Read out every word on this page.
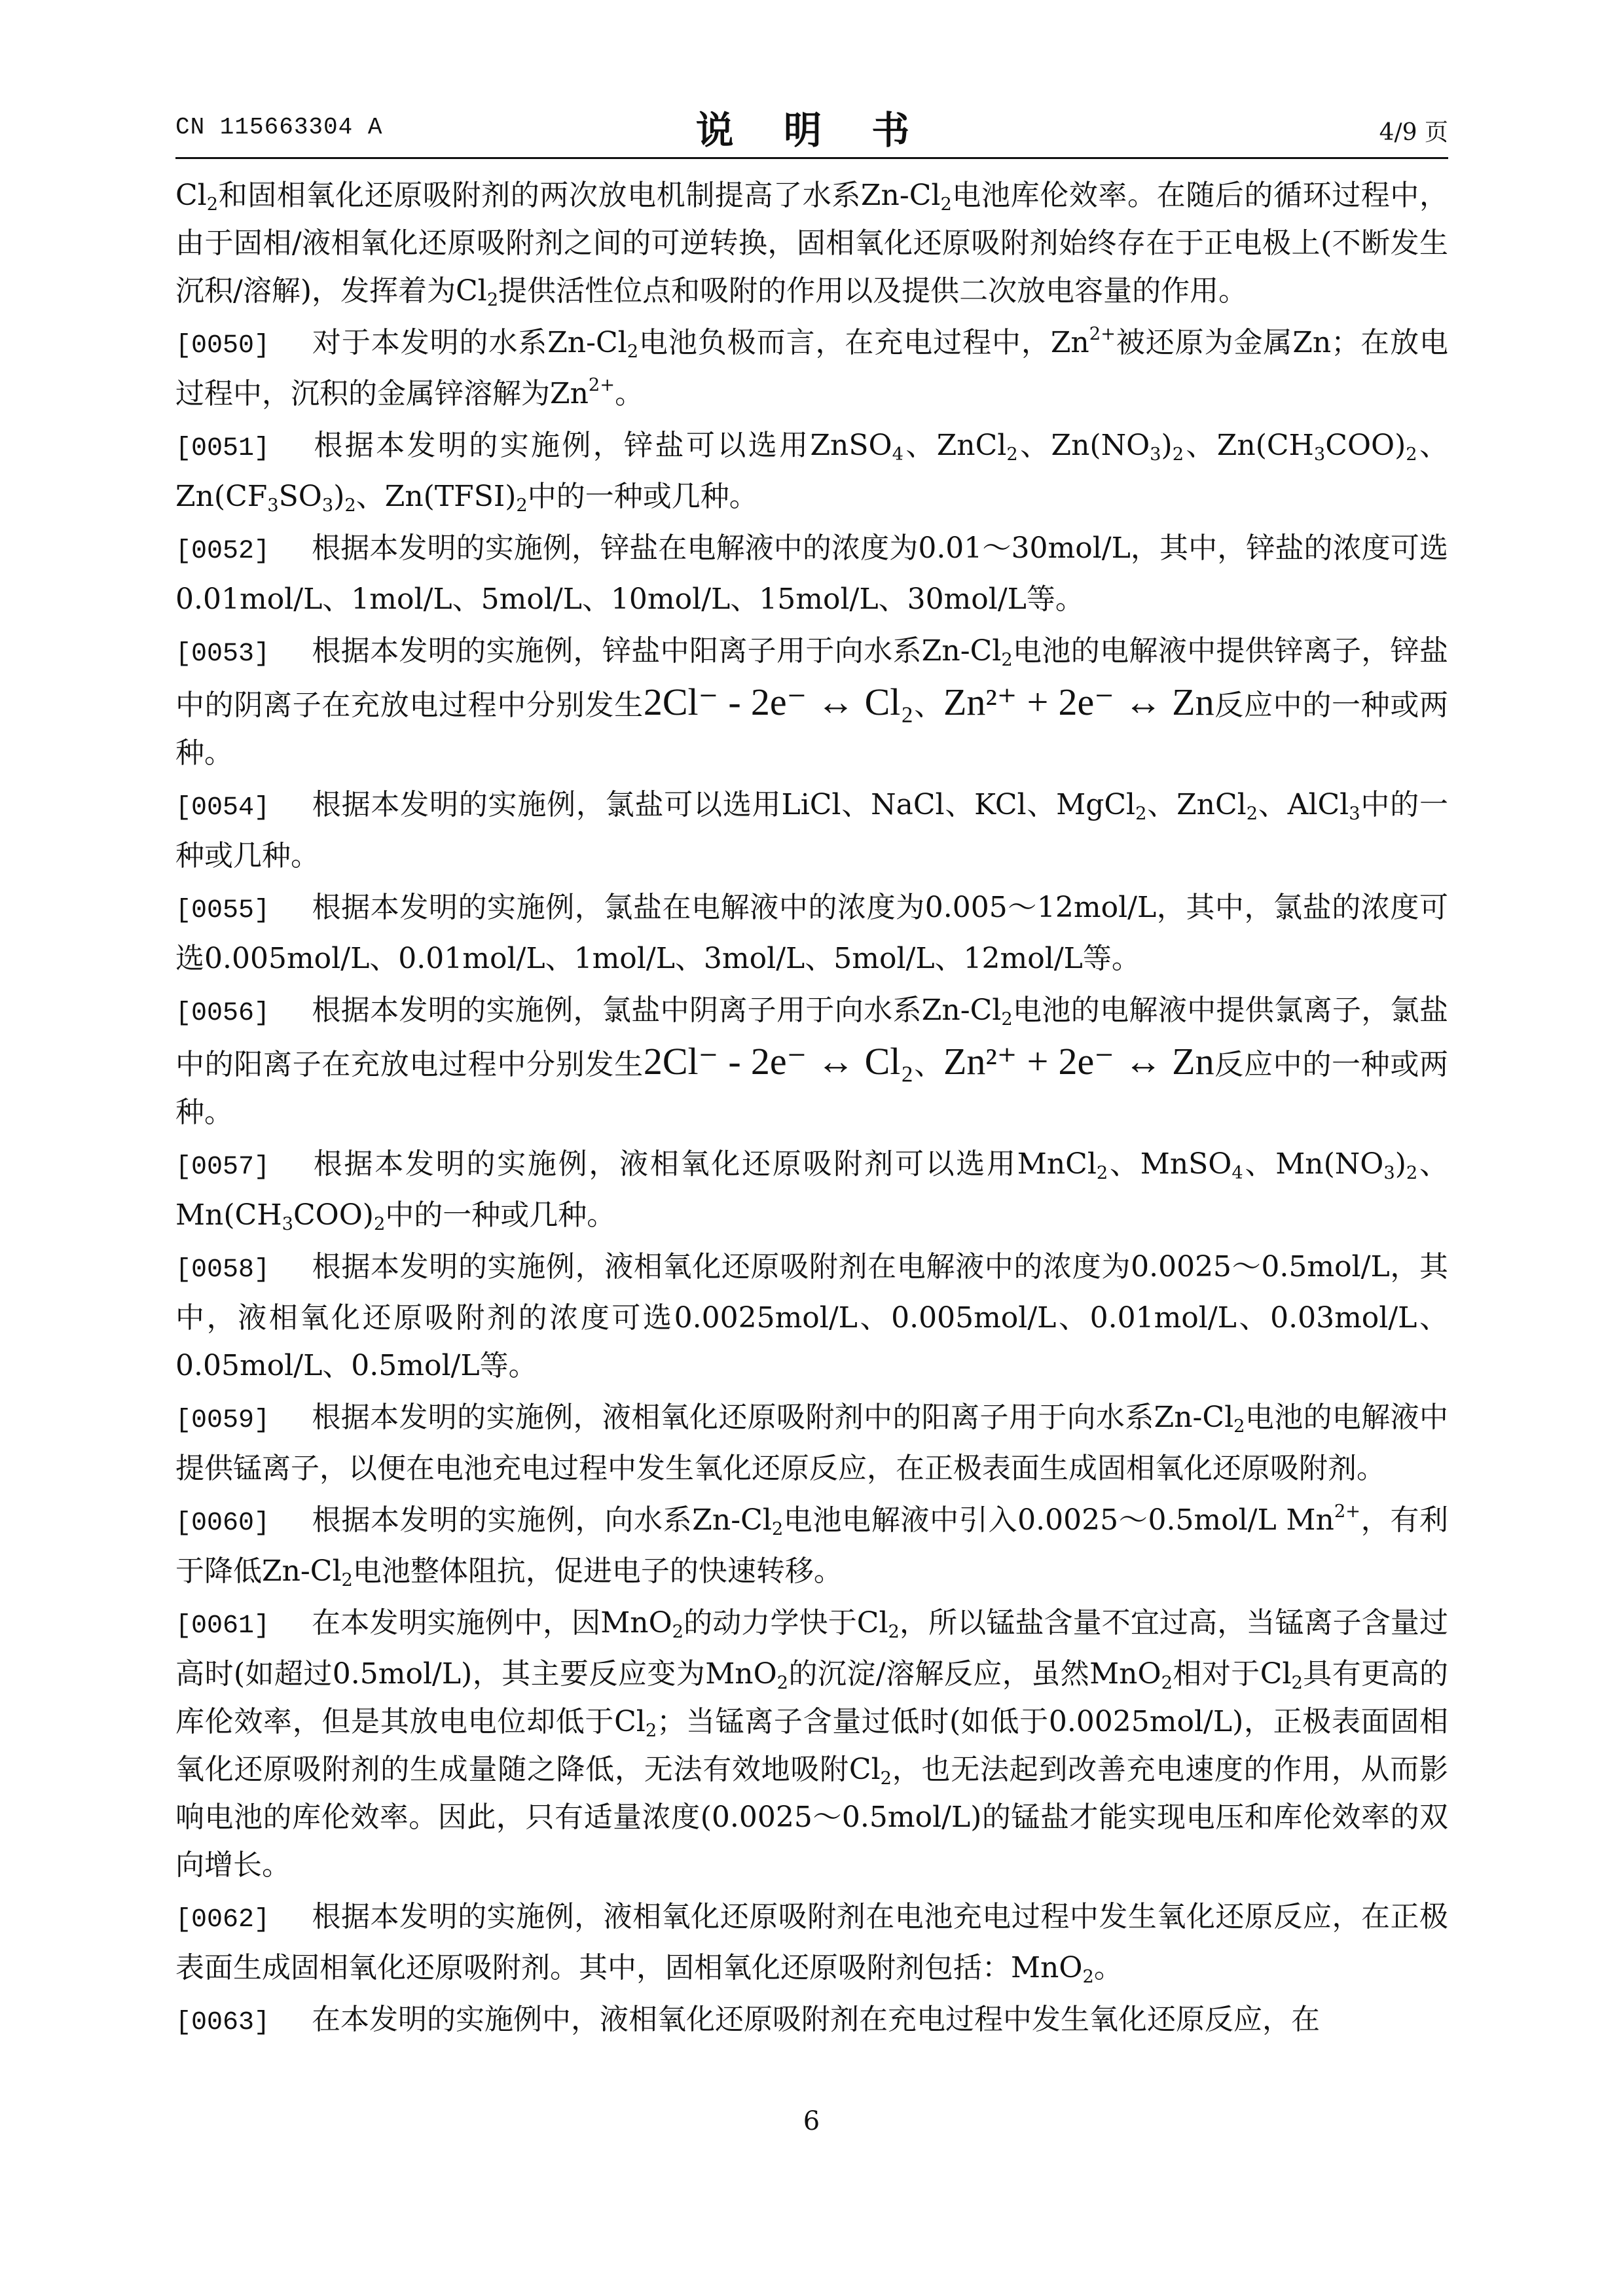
CN 115663304 A	说 明 书	4/9 页

$Cl_2$和固相氧化还原吸附剂的两次放电机制提高了水系$Zn-Cl_2$电池库伦效率。在随后的循环过程中，由于固相/液相氧化还原吸附剂之间的可逆转换，固相氧化还原吸附剂始终存在于正电极上(不断发生沉积/溶解)，发挥着为$Cl_2$提供活性位点和吸附的作用以及提供二次放电容量的作用。

[0050] 对于本发明的水系$Zn-Cl_2$电池负极而言，在充电过程中，$Zn^{2+}$被还原为金属Zn；在放电过程中，沉积的金属锌溶解为$Zn^{2+}$。

[0051] 根据本发明的实施例，锌盐可以选用ZnSO$_4$、ZnCl$_2$、$Zn(NO_3)_2$、$Zn(CH_3COO)_2$、$Zn(CF_3SO_3)_2$、$Zn(TFSI)_2$中的一种或几种。

[0052] 根据本发明的实施例，锌盐在电解液中的浓度为0.01～30mol/L，其中，锌盐的浓度可选0.01mol/L、1mol/L、5mol/L、10mol/L、15mol/L、30mol/L等。

[0053] 根据本发明的实施例，锌盐中阳离子用于向水系$Zn-Cl_2$电池的电解液中提供锌离子，锌盐中的阴离子在充放电过程中分别发生2Cl⁻ - 2e⁻ ↔ Cl₂、Zn²⁺ + 2e⁻ ↔ Zn反应中的一种或两种。

[0054] 根据本发明的实施例，氯盐可以选用LiCl、NaCl、KCl、MgCl$_2$、ZnCl$_2$、AlCl$_3$中的一种或几种。

[0055] 根据本发明的实施例，氯盐在电解液中的浓度为0.005～12mol/L，其中，氯盐的浓度可选0.005mol/L、0.01mol/L、1mol/L、3mol/L、5mol/L、12mol/L等。

[0056] 根据本发明的实施例，氯盐中阴离子用于向水系$Zn-Cl_2$电池的电解液中提供氯离子，氯盐中的阳离子在充放电过程中分别发生2Cl⁻ - 2e⁻ ↔ Cl₂、Zn²⁺ + 2e⁻ ↔ Zn反应中的一种或两种。

[0057] 根据本发明的实施例，液相氧化还原吸附剂可以选用MnCl$_2$、MnSO$_4$、$Mn(NO_3)_2$、$Mn(CH_3COO)_2$中的一种或几种。

[0058] 根据本发明的实施例，液相氧化还原吸附剂在电解液中的浓度为0.0025～0.5mol/L，其中，液相氧化还原吸附剂的浓度可选0.0025mol/L、0.005mol/L、0.01mol/L、0.03mol/L、0.05mol/L、0.5mol/L等。

[0059] 根据本发明的实施例，液相氧化还原吸附剂中的阳离子用于向水系$Zn-Cl_2$电池的电解液中提供锰离子，以便在电池充电过程中发生氧化还原反应，在正极表面生成固相氧化还原吸附剂。

[0060] 根据本发明的实施例，向水系$Zn-Cl_2$电池电解液中引入0.0025～0.5mol/L $Mn^{2+}$，有利于降低$Zn-Cl_2$电池整体阻抗，促进电子的快速转移。

[0061] 在本发明实施例中，因MnO$_2$的动力学快于$Cl_2$，所以锰盐含量不宜过高，当锰离子含量过高时(如超过0.5mol/L)，其主要反应变为MnO$_2$的沉淀/溶解反应，虽然MnO$_2$相对于$Cl_2$具有更高的库伦效率，但是其放电电位却低于$Cl_2$；当锰离子含量过低时(如低于0.0025mol/L)，正极表面固相氧化还原吸附剂的生成量随之降低，无法有效地吸附$Cl_2$，也无法起到改善充电速度的作用，从而影响电池的库伦效率。因此，只有适量浓度(0.0025～0.5mol/L)的锰盐才能实现电压和库伦效率的双向增长。

[0062] 根据本发明的实施例，液相氧化还原吸附剂在电池充电过程中发生氧化还原反应，在正极表面生成固相氧化还原吸附剂。其中，固相氧化还原吸附剂包括：MnO$_2$。

[0063] 在本发明的实施例中，液相氧化还原吸附剂在充电过程中发生氧化还原反应，在

6
